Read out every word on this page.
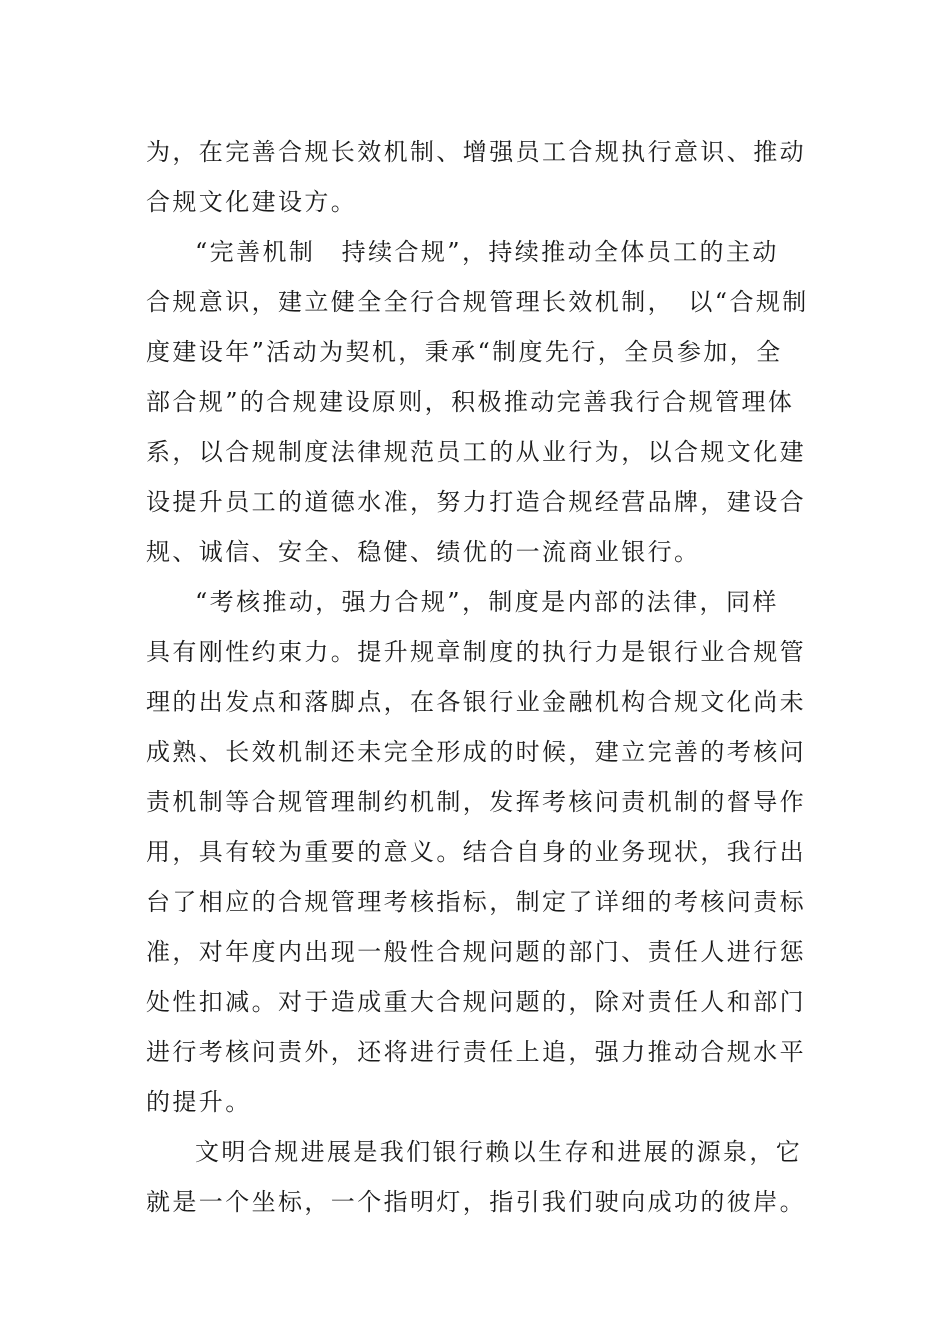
为，在完善合规长效机制、增强员工合规执行意识、推动
合规文化建设方。
“完善机制　持续合规”，持续推动全体员工的主动
合规意识，建立健全全行合规管理长效机制，　以“合规制
度建设年”活动为契机，秉承“制度先行，全员参加，全
部合规”的合规建设原则，积极推动完善我行合规管理体
系，以合规制度法律规范员工的从业行为，以合规文化建
设提升员工的道德水准，努力打造合规经营品牌，建设合
规、诚信、安全、稳健、绩优的一流商业银行。
“考核推动，强力合规”，制度是内部的法律，同样
具有刚性约束力。提升规章制度的执行力是银行业合规管
理的出发点和落脚点，在各银行业金融机构合规文化尚未
成熟、长效机制还未完全形成的时候，建立完善的考核问
责机制等合规管理制约机制，发挥考核问责机制的督导作
用，具有较为重要的意义。结合自身的业务现状，我行出
台了相应的合规管理考核指标，制定了详细的考核问责标
准，对年度内出现一般性合规问题的部门、责任人进行惩
处性扣减。对于造成重大合规问题的，除对责任人和部门
进行考核问责外，还将进行责任上追，强力推动合规水平
的提升。
文明合规进展是我们银行赖以生存和进展的源泉，它
就是一个坐标，一个指明灯，指引我们驶向成功的彼岸。
